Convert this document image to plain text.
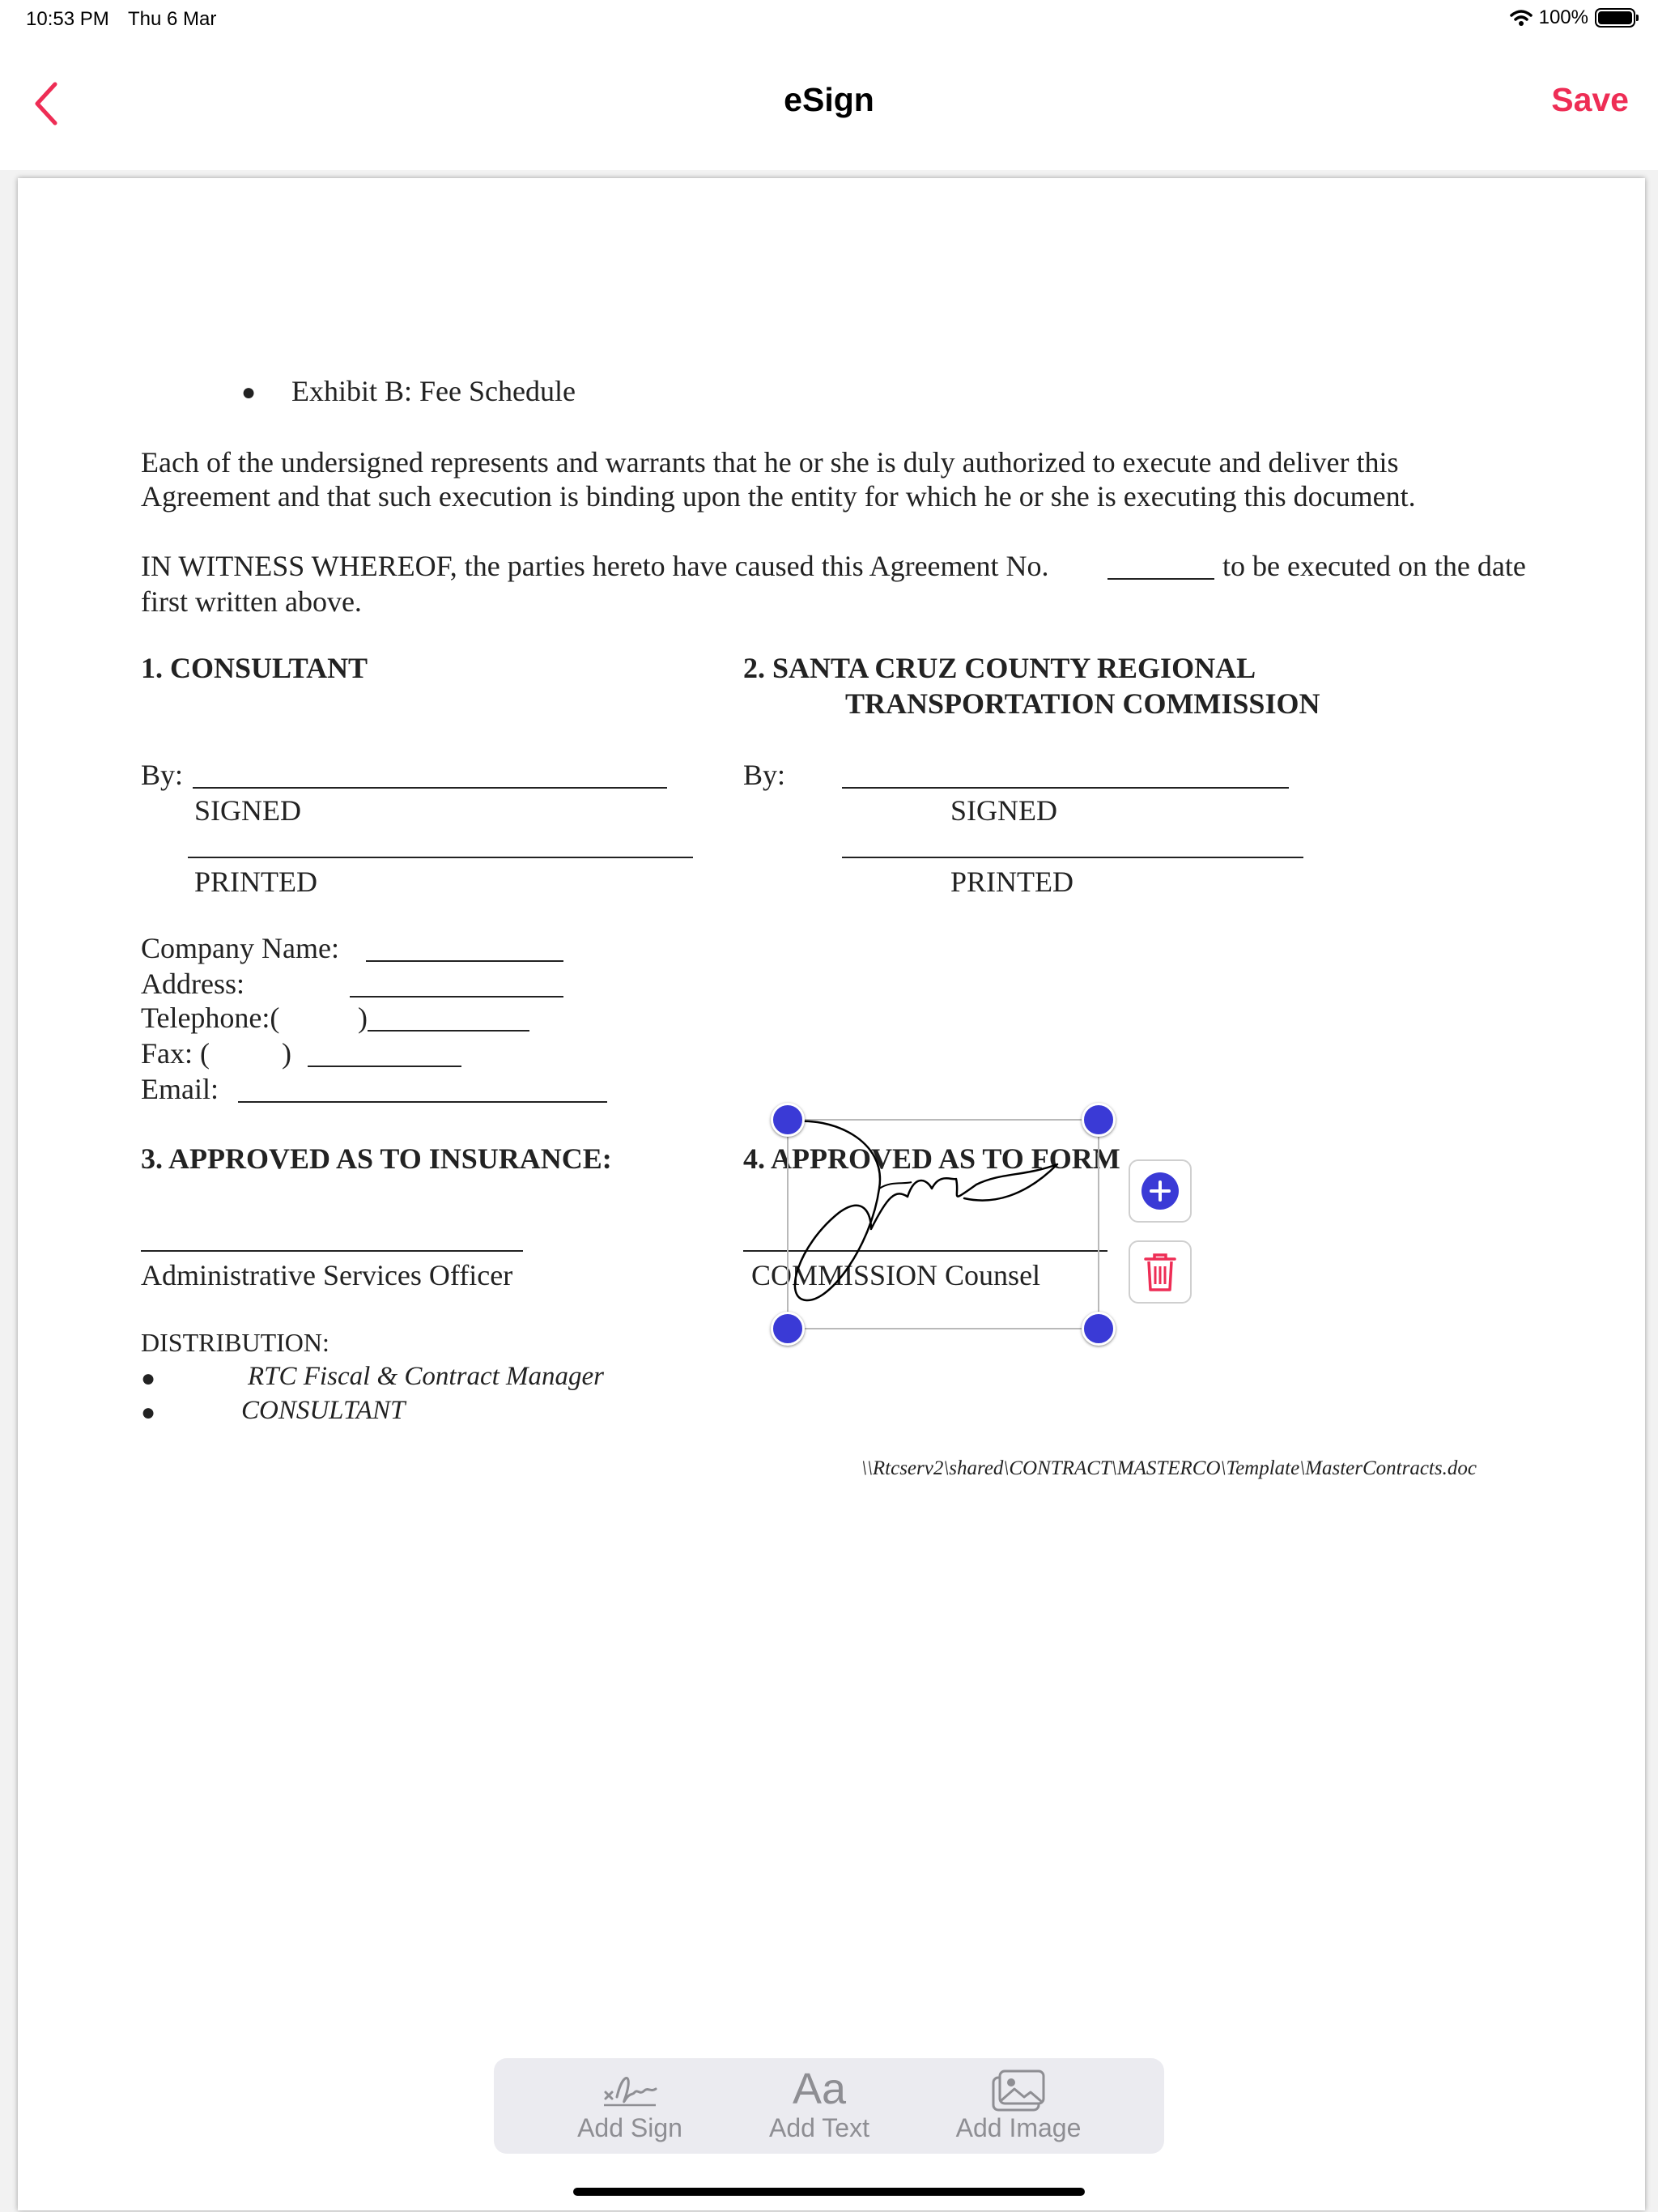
10:53 PM Thu 6 Mar	100%
eSign	Save
● Exhibit B: Fee Schedule
Each of the undersigned represents and warrants that he or she is duly authorized to execute and deliver this
Agreement and that such execution is binding upon the entity for which he or she is executing this document.
IN WITNESS WHEREOF, the parties hereto have caused this Agreement No.	to be executed on the date
first written above.
1. CONSULTANT	2. SANTA CRUZ COUNTY REGIONAL
TRANSPORTATION COMMISSION
By:
SIGNED
PRINTED
By:
SIGNED
PRINTED
Company Name:
Address:
Telephone:(	)
Fax: ( )
Email:
3. APPROVED AS TO INSURANCE:	4. APPROVED AS TO FORM
Administrative Services Officer	COMMISSION Counsel
DISTRIBUTION:
●	RTC Fiscal & Contract Manager
●	CONSULTANT
\\Rtcserv2\shared\CONTRACT\MASTERCO\Template\MasterContracts.doc
Add Sign
Aa
Add Text	Add Image
